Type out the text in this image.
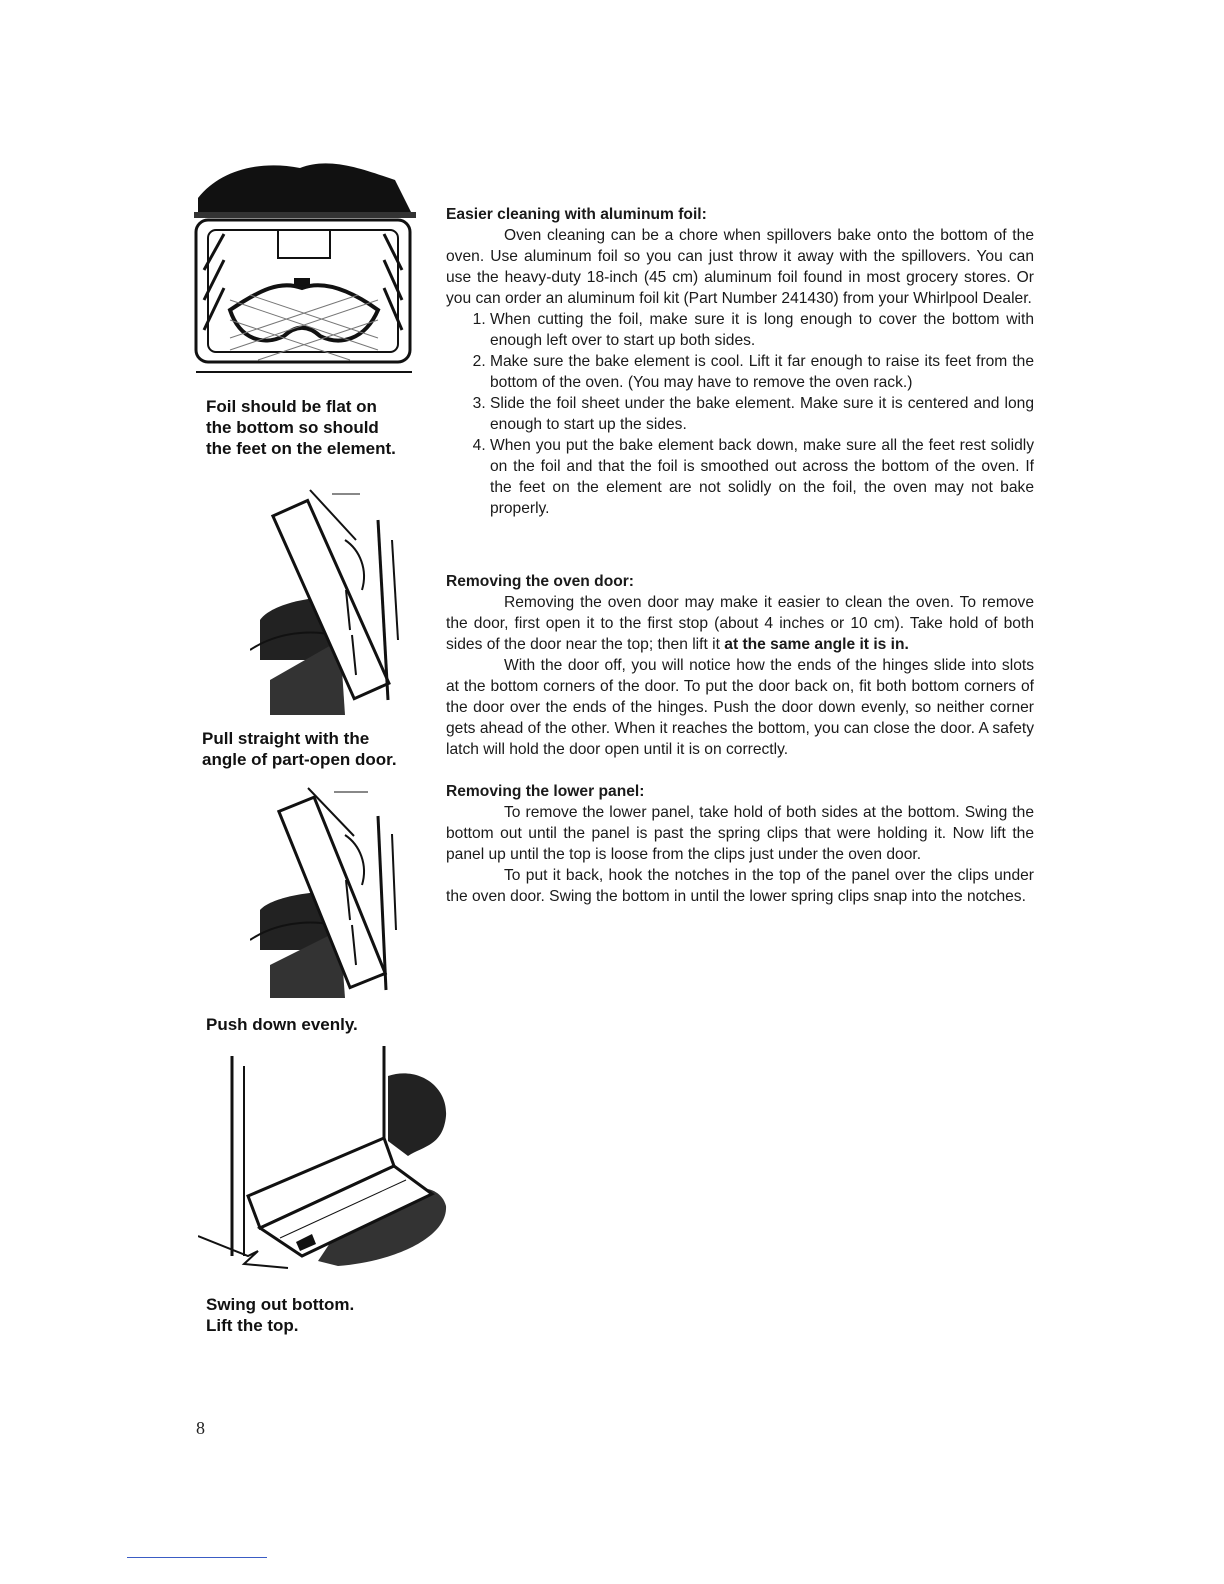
Foil should be flat on
the bottom so should
the feet on the element.
Pull straight with the
angle of part-open door.
Push down evenly.
Swing out bottom.
Lift the top.

Easier cleaning with aluminum foil:

Oven cleaning can be a chore when spillovers bake onto the bottom of the oven. Use aluminum foil so you can just throw it away with the spillovers. You can use the heavy-duty 18-inch (45 cm) aluminum foil found in most grocery stores. Or you can order an aluminum foil kit (Part Number 241430) from your Whirlpool Dealer.

1. When cutting the foil, make sure it is long enough to cover the bottom with enough left over to start up both sides.
2. Make sure the bake element is cool. Lift it far enough to raise its feet from the bottom of the oven. (You may have to remove the oven rack.)
3. Slide the foil sheet under the bake element. Make sure it is centered and long enough to start up the sides.
4. When you put the bake element back down, make sure all the feet rest solidly on the foil and that the foil is smoothed out across the bottom of the oven. If the feet on the element are not solidly on the foil, the oven may not bake properly.

Removing the oven door:

Removing the oven door may make it easier to clean the oven. To remove the door, first open it to the first stop (about 4 inches or 10 cm). Take hold of both sides of the door near the top; then lift it at the same angle it is in.

With the door off, you will notice how the ends of the hinges slide into slots at the bottom corners of the door. To put the door back on, fit both bottom corners of the door over the ends of the hinges. Push the door down evenly, so neither corner gets ahead of the other. When it reaches the bottom, you can close the door. A safety latch will hold the door open until it is on correctly.

Removing the lower panel:

To remove the lower panel, take hold of both sides at the bottom. Swing the bottom out until the panel is past the spring clips that were holding it. Now lift the panel up until the top is loose from the clips just under the oven door.

To put it back, hook the notches in the top of the panel over the clips under the oven door. Swing the bottom in until the lower spring clips snap into the notches.

8
